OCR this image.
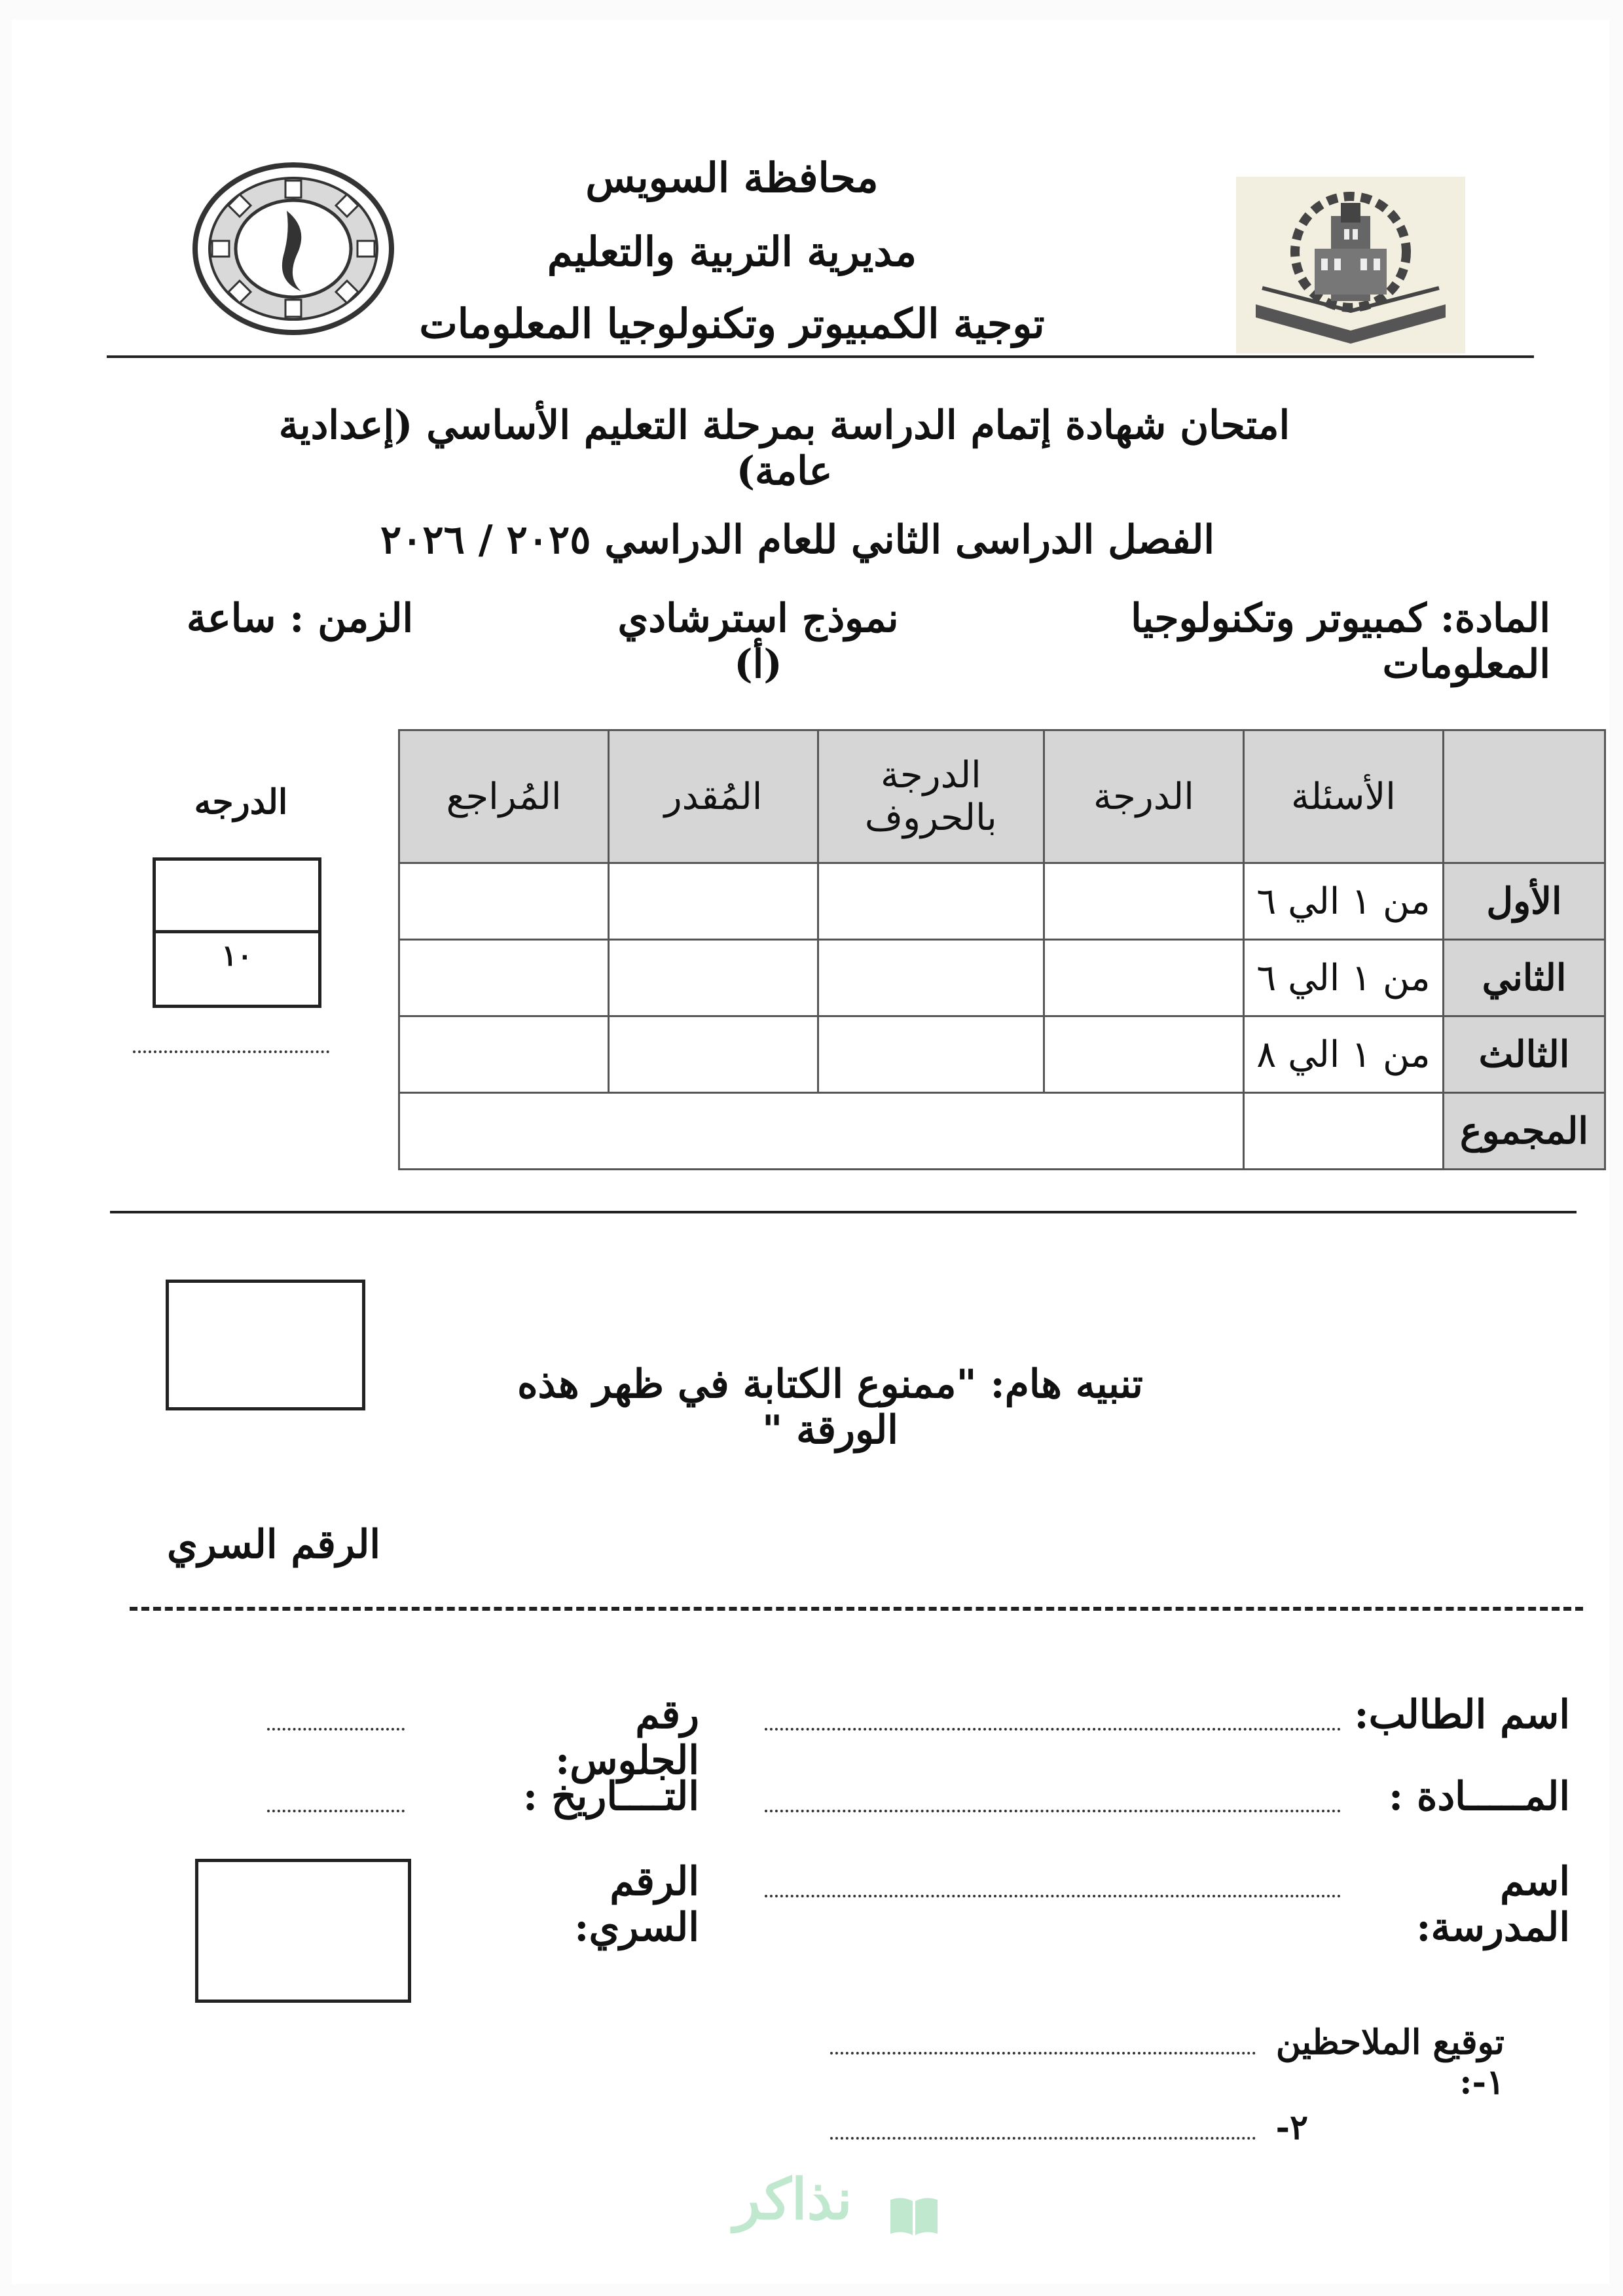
محافظة السويس
مديرية التربية والتعليم
توجية الكمبيوتر وتكنولوجيا المعلومات
امتحان شهادة إتمام الدراسة بمرحلة التعليم الأساسي (إعدادية عامة)
الفصل الدراسى الثاني للعام الدراسي ٢٠٢٥ / ٢٠٢٦
المادة: كمبيوتر وتكنولوجيا المعلومات
نموذج استرشادي (أ)
الزمن : ساعة
الدرجه
١٠
	الأسئلة	الدرجة	الدرجة بالحروف	المُقدر	المُراجع
الأول	من ١ الي ٦				
الثاني	من ١ الي ٦				
الثالث	من ١ الي ٨				
المجموع					
تنبيه هام: "ممنوع الكتابة في ظهر هذه الورقة "
الرقم السري
اسم الطالب:
رقم الجلوس:
المـــــادة :
التــــاريخ :
اسم المدرسة:
الرقم السري:
توقيع الملاحظين ١-:
٢-
نذاكر
